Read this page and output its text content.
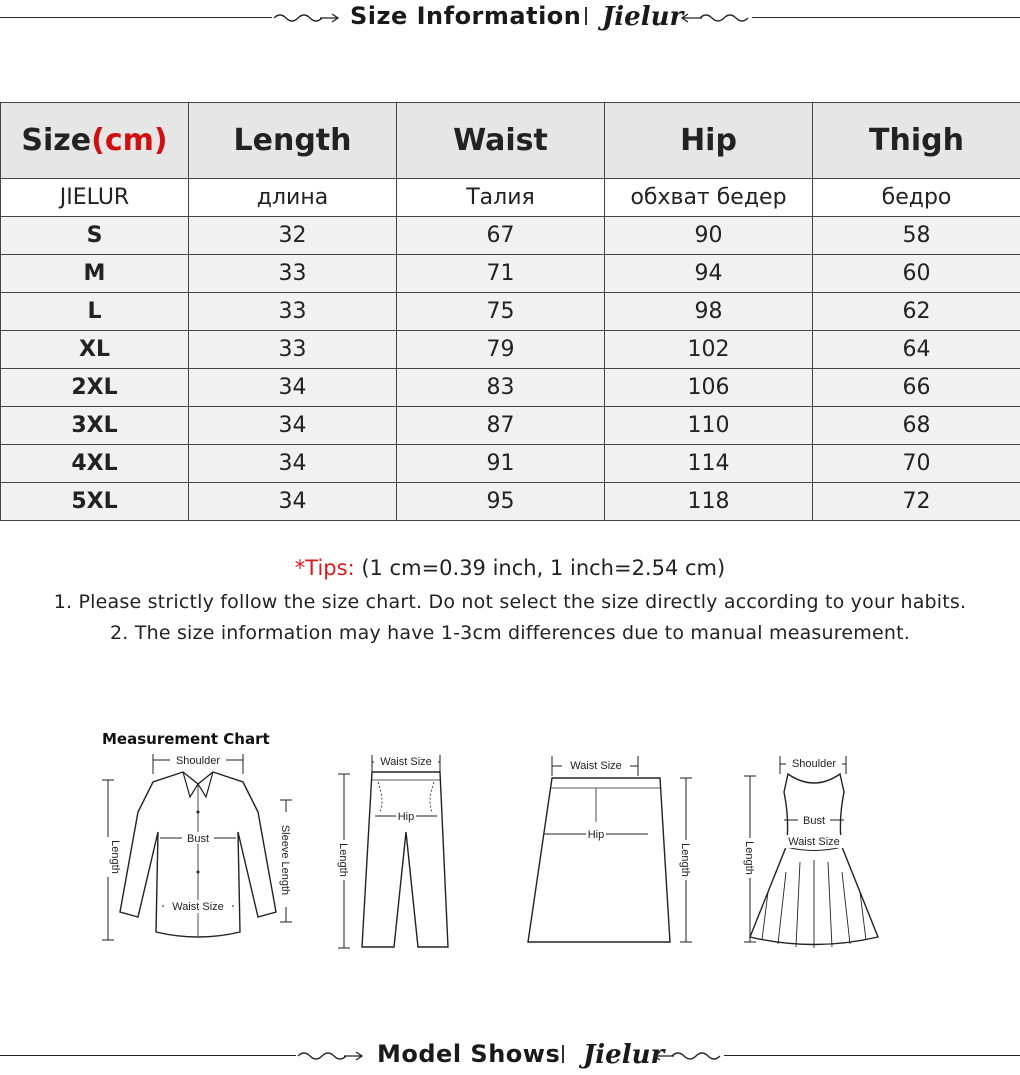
Size Information Jielur
Size(cm)	Length	Waist	Hip	Thigh
JIELUR	длина	Талия	обхват бедер	бедро
S	32	67	90	58
M	33	71	94	60
L	33	75	98	62
XL	33	79	102	64
2XL	34	83	106	66
3XL	34	87	110	68
4XL	34	91	114	70
5XL	34	95	118	72
*Tips: (1 cm=0.39 inch, 1 inch=2.54 cm)
1. Please strictly follow the size chart. Do not select the size directly according to your habits.
2. The size information may have 1-3cm differences due to manual measurement.
Measurement Chart
Shoulder
Length
Bust
Waist Size
Sleeve Length
Waist Size
Hip
Length
Waist Size
Hip
Length
Shoulder
Bust
Waist Size
Length
Model Shows Jielur
